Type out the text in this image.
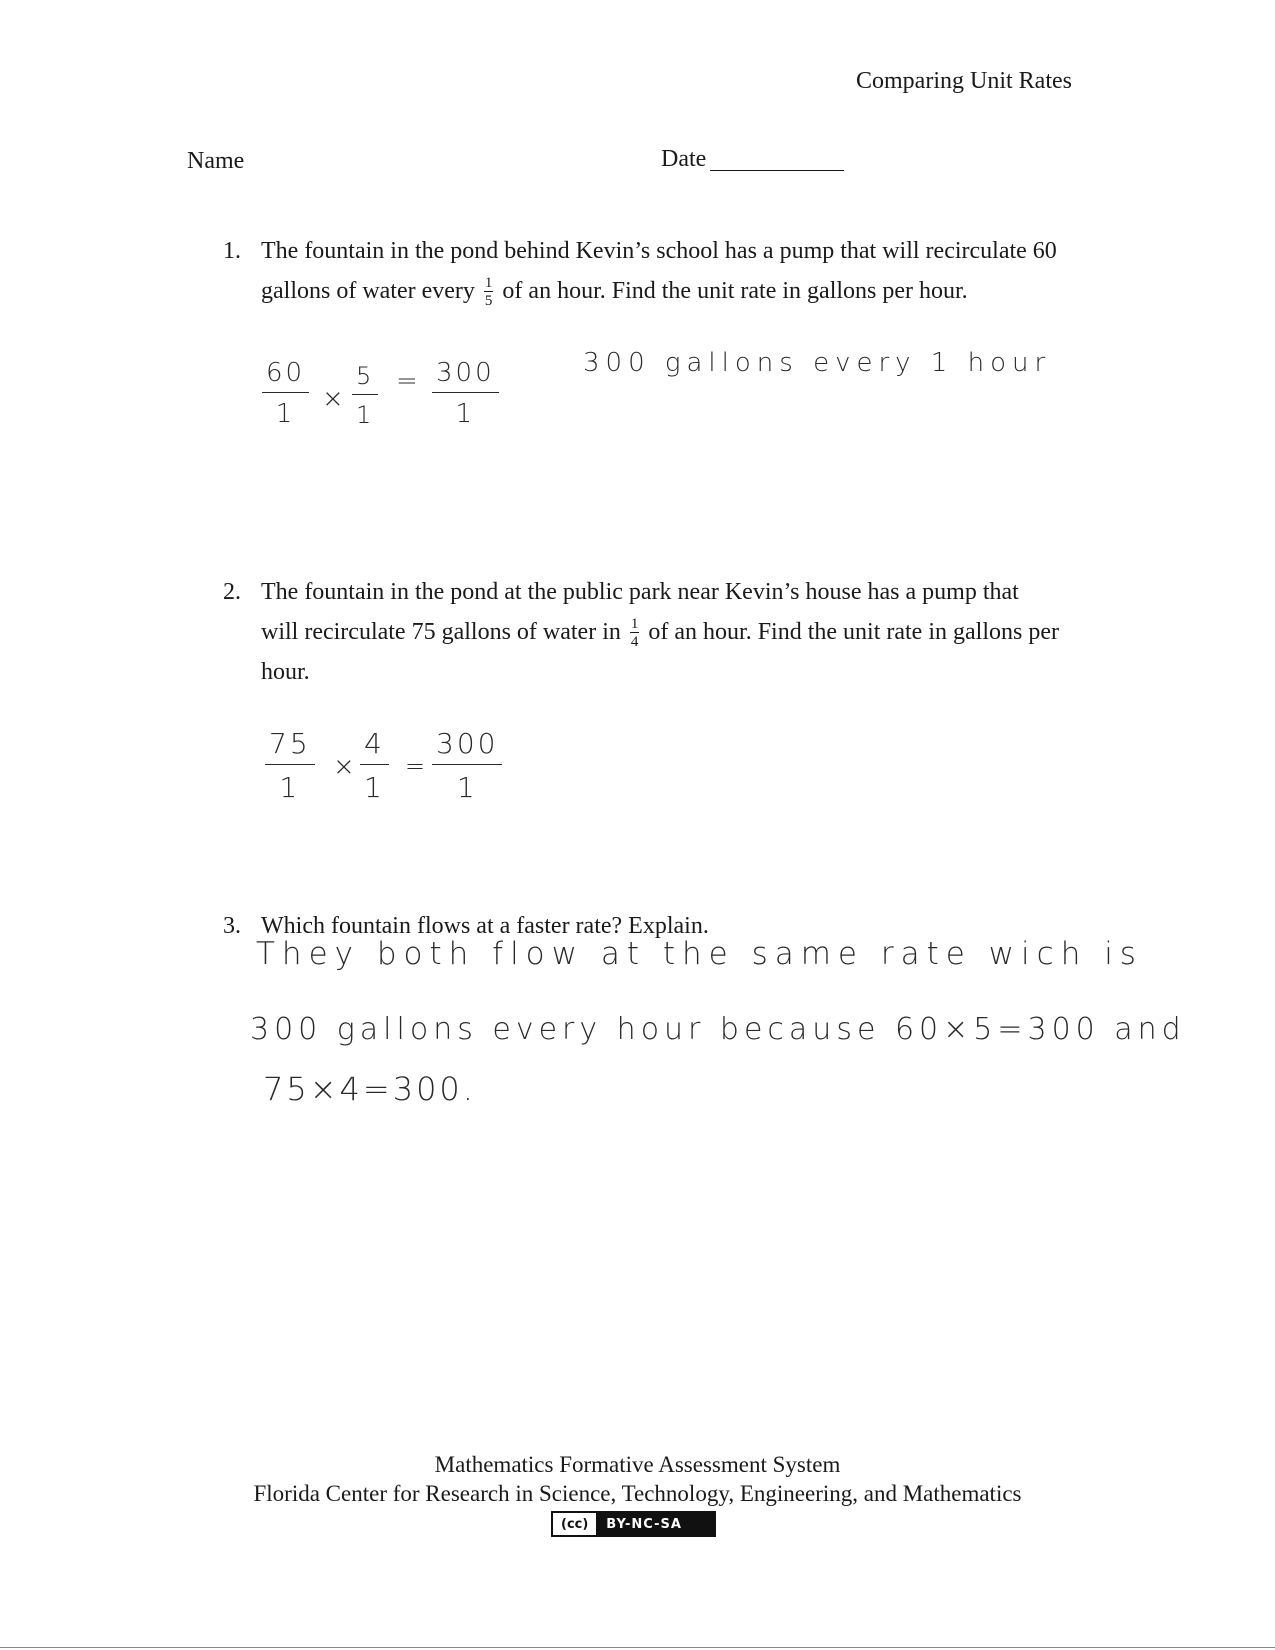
Comparing Unit Rates
Name	Date
1. The fountain in the pond behind Kevin’s school has a pump that will recirculate 60 gallons of water every $\frac{1}{5}$ of an hour. Find the unit rate in gallons per hour.
$\frac{60}{1} \times \frac{5}{1} = \frac{300}{1}$	300 gallons every 1 hour
2. The fountain in the pond at the public park near Kevin’s house has a pump that will recirculate 75 gallons of water in $\frac{1}{4}$ of an hour. Find the unit rate in gallons per hour.
$\frac{75}{1} \times \frac{4}{1} = \frac{300}{1}$
3. Which fountain flows at a faster rate? Explain.
They both flow at the same rate wich is
300 gallons every hour because 60×5=300 and
75×4=300.
Mathematics Formative Assessment System
Florida Center for Research in Science, Technology, Engineering, and Mathematics
(cc)	BY-NC-SA
